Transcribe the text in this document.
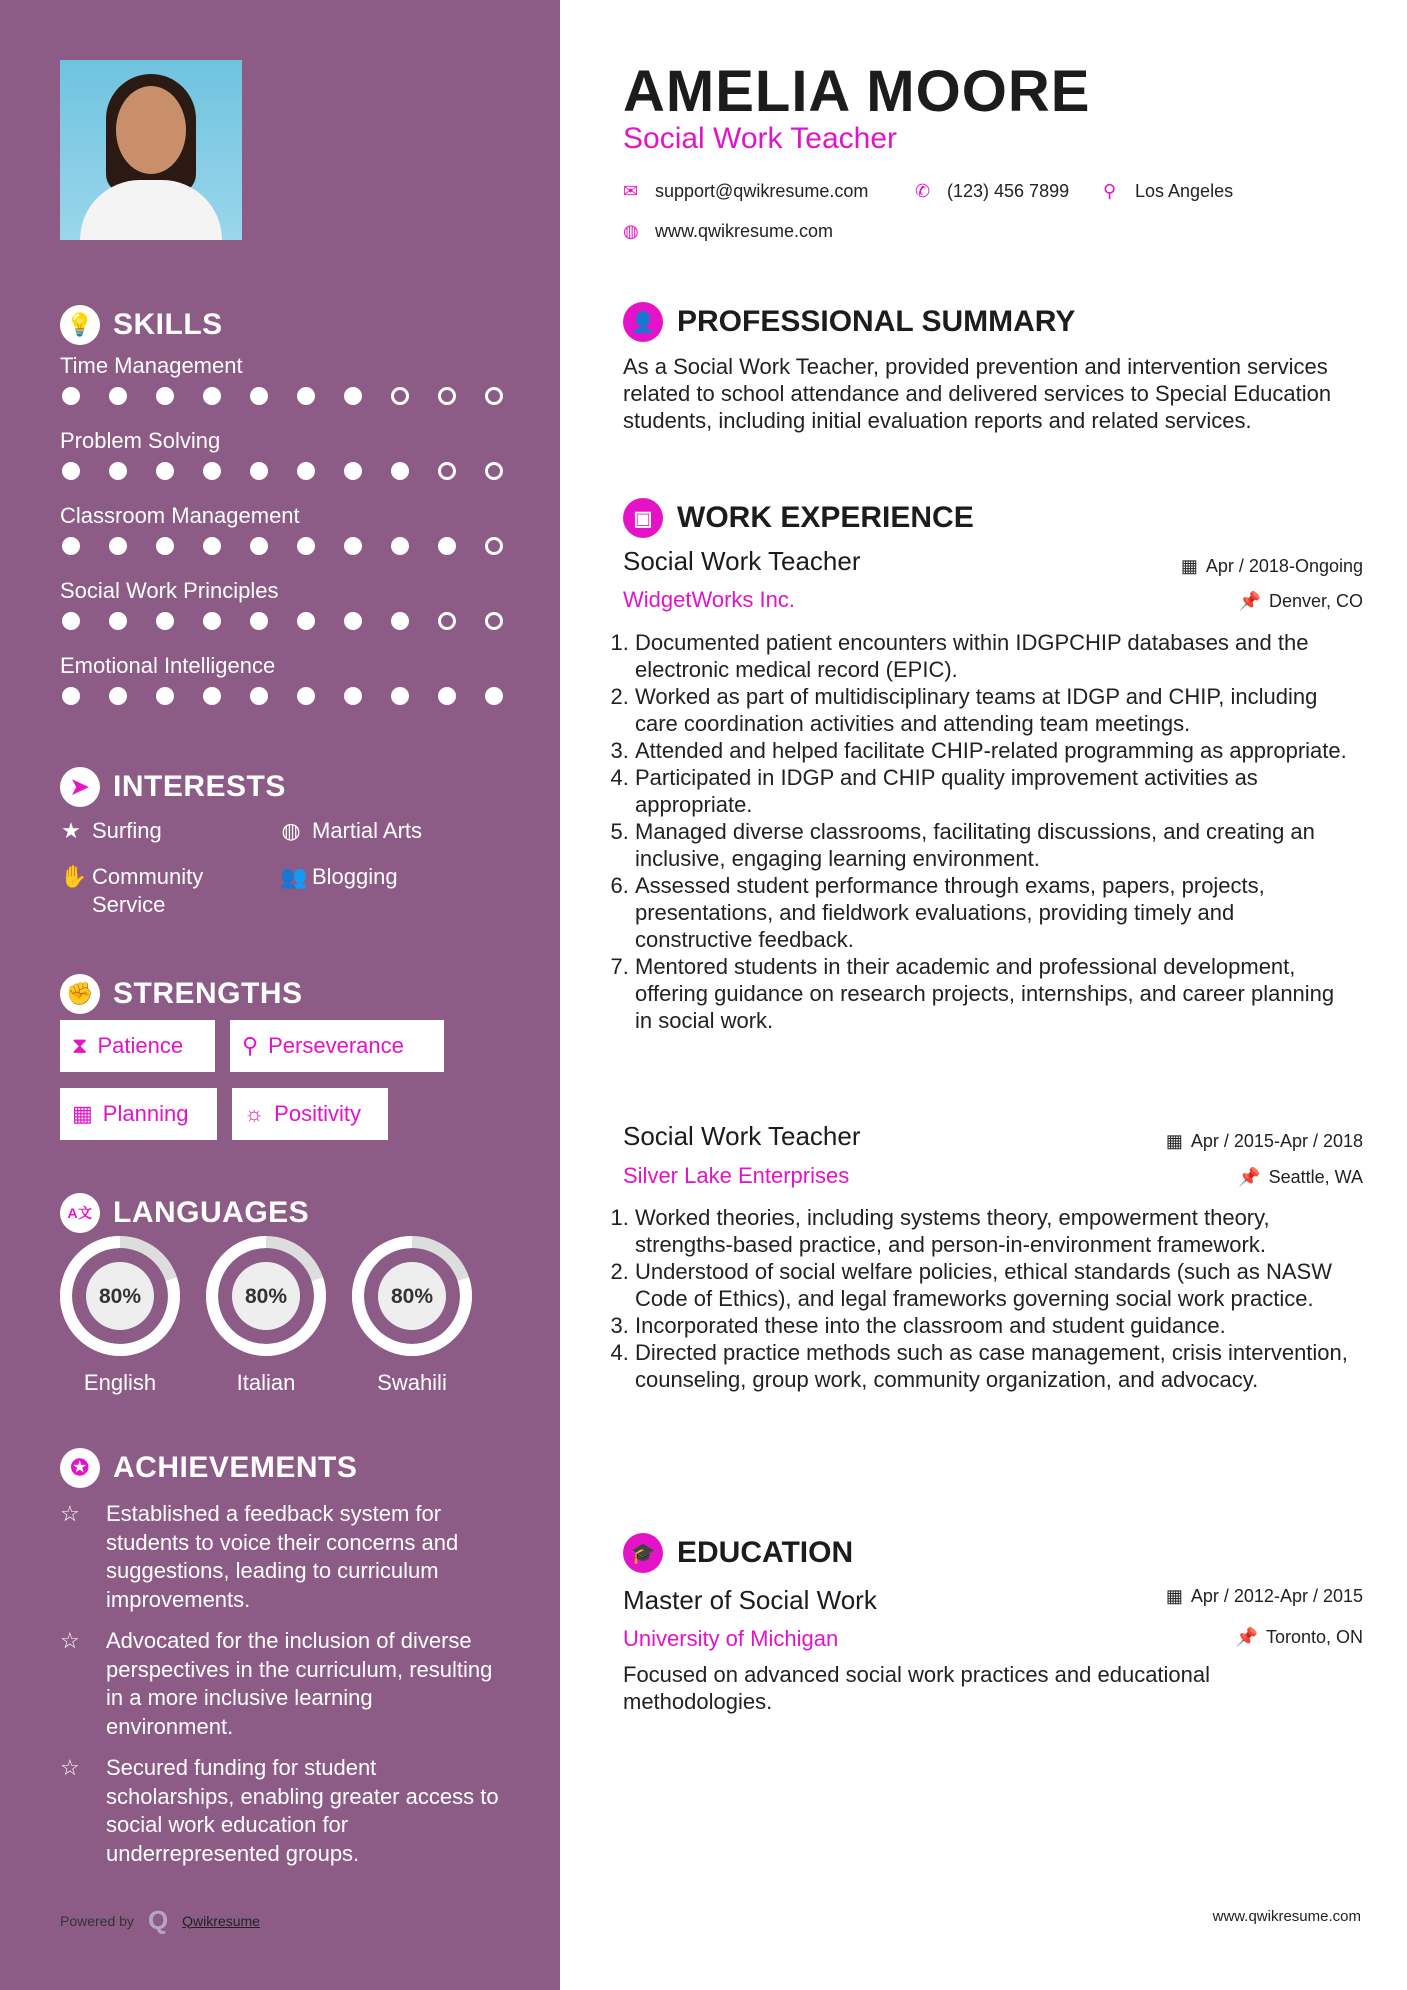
💡 SKILLS
Time Management
Problem Solving
Classroom Management
Social Work Principles
Emotional Intelligence
➤ INTERESTS
★ Surfing	◍ Martial Arts
✋ Community Service
👥 Blogging
✊ STRENGTHS
⧗ Patience	⚲ Perseverance
▦ Planning	☼ Positivity
A文 LANGUAGES
80%
English
80%
Italian
80%
Swahili
✪ ACHIEVEMENTS
☆	Established a feedback system for students to voice their concerns and suggestions, leading to curriculum improvements.
☆	Advocated for the inclusion of diverse perspectives in the curriculum, resulting in a more inclusive learning environment.
☆	Secured funding for student scholarships, enabling greater access to social work education for underrepresented groups.
Powered by Q Qwikresume
AMELIA MOORE
Social Work Teacher
✉ support@qwikresume.com	✆ (123) 456 7899 ⚲	Los Angeles
◍ www.qwikresume.com
👤 PROFESSIONAL SUMMARY
As a Social Work Teacher, provided prevention and intervention services related to school attendance and delivered services to Special Education students, including initial evaluation reports and related services.
▣ WORK EXPERIENCE
Social Work Teacher	▦ Apr / 2018-Ongoing
WidgetWorks Inc.	📌 Denver, CO
1. Documented patient encounters within IDGPCHIP databases and the electronic medical record (EPIC).
2. Worked as part of multidisciplinary teams at IDGP and CHIP, including care coordination activities and attending team meetings.
3. Attended and helped facilitate CHIP-related programming as appropriate.
4. Participated in IDGP and CHIP quality improvement activities as appropriate.
5. Managed diverse classrooms, facilitating discussions, and creating an inclusive, engaging learning environment.
6. Assessed student performance through exams, papers, projects, presentations, and fieldwork evaluations, providing timely and constructive feedback.
7. Mentored students in their academic and professional development, offering guidance on research projects, internships, and career planning in social work.
Social Work Teacher	▦ Apr / 2015-Apr / 2018
Silver Lake Enterprises	📌 Seattle, WA
1. Worked theories, including systems theory, empowerment theory, strengths-based practice, and person-in-environment framework.
2. Understood of social welfare policies, ethical standards (such as NASW Code of Ethics), and legal frameworks governing social work practice.
3. Incorporated these into the classroom and student guidance.
4. Directed practice methods such as case management, crisis intervention, counseling, group work, community organization, and advocacy.
🎓 EDUCATION
Master of Social Work	▦ Apr / 2012-Apr / 2015
University of Michigan	📌 Toronto, ON
Focused on advanced social work practices and educational methodologies.
www.qwikresume.com
